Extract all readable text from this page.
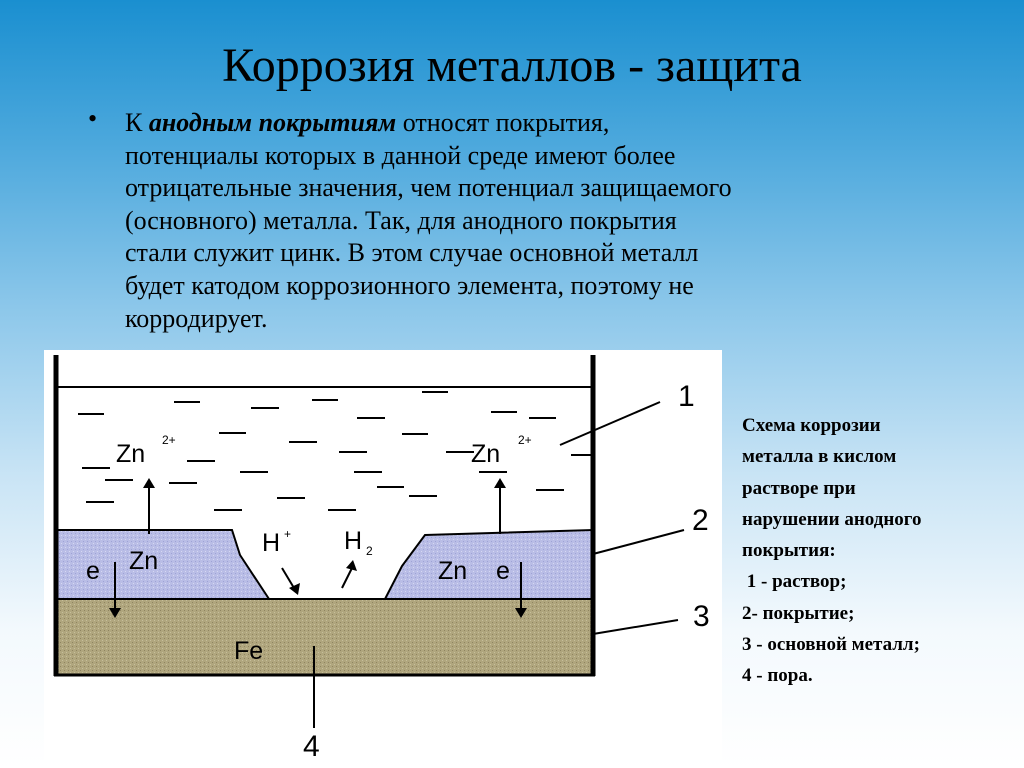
Коррозия металлов - защита
• К анодным покрытиям относят покрытия,
потенциалы которых в данной среде имеют более
отрицательные значения, чем потенциал защищаемого
(основного) металла. Так, для анодного покрытия
стали служит цинк. В этом случае основной металл
будет катодом коррозионного элемента, поэтому не
корродирует.
Zn 2+	Zn 2+
Zn	Zn
e	e
H + H 2
Fe
1
2
3
4
Схема коррозии
металла в кислом
растворе при
нарушении анодного
покрытия:
1 - раствор;
2- покрытие;
3 - основной металл;
4 - пора.
